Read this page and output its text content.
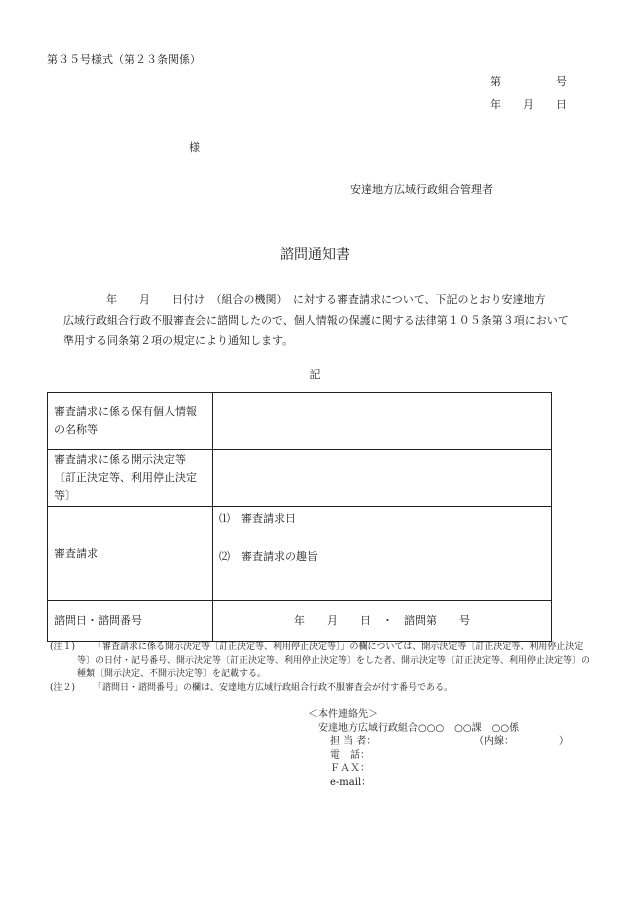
第３５号様式（第２３条関係）
第　　　　　号
年　　月　　日
様
安達地方広域行政組合管理者
諮問通知書

年　　月　　日付け　（組合の機関）　に対する審査請求について、下記のとおり安達地方

広域行政組合行政不服審査会に諮問したので、個人情報の保護に関する法律第１０５条第３項において

準用する同条第２項の規定により通知します。

記
審査請求に係る保有個人情報
の名称等	
審査請求に係る開示決定等
〔訂正決定等、利用停止決定
等〕	
審査請求	⑴　審査請求日
⑵　審査請求の趣旨

諮問日・諮問番号	年　　月　　日　・　諮問第　　号
(注１)	「審査請求に係る開示決定等〔訂正決定等、利用停止決定等〕」の欄については、開示決定等〔訂正決定等、利用停止決定等〕の日付・記号番号、開示決定等〔訂正決定等、利用停止決定等〕をした者、開示決定等〔訂正決定等、利用停止決定等〕の種類〔開示決定、不開示決定等〕を記載する。
(注２)	「諮問日・諮問番号」の欄は、安達地方広域行政組合行政不服審査会が付す番号である。
＜本件連絡先＞
安達地方広域行政組合○○○　○○課　○○係
担 当 者：	（内線：　　　　　）
電　話：
ＦＡＸ：
e-mail：
